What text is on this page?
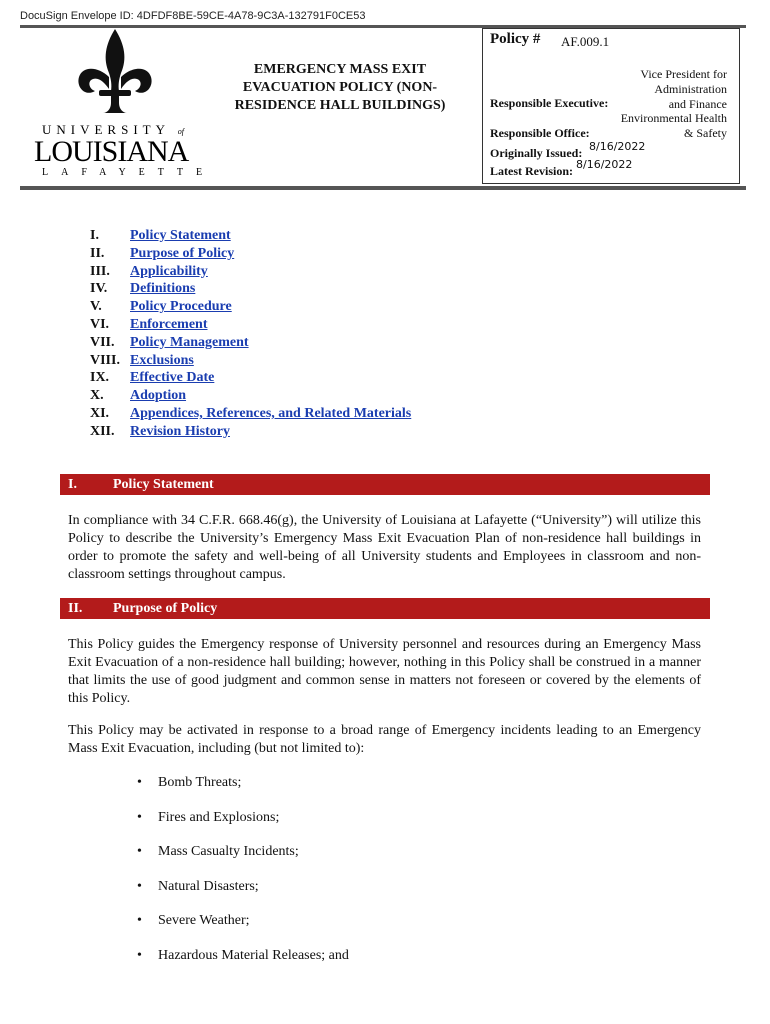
DocuSign Envelope ID: 4DFDF8BE-59CE-4A78-9C3A-132791F0CE53
UNIVERSITY of
LOUISIANA
LAFAYETTE
EMERGENCY MASS EXIT EVACUATION POLICY (NON-RESIDENCE HALL BUILDINGS)
Policy # AF.009.1
Vice President for
Administration
and Finance
Responsible Executive:
Environmental Health
& Safety
Responsible Office:
Originally Issued: 8/16/2022
Latest Revision: 8/16/2022
I. Policy Statement
II. Purpose of Policy
III. Applicability
IV. Definitions
V. Policy Procedure
VI. Enforcement
VII. Policy Management
VIII. Exclusions
IX. Effective Date
X. Adoption
XI. Appendices, References, and Related Materials
XII. Revision History
I.	Policy Statement
In compliance with 34 C.F.R. 668.46(g), the University of Louisiana at Lafayette (“University”) will utilize this Policy to describe the University’s Emergency Mass Exit Evacuation Plan of non-residence hall buildings in order to promote the safety and well-being of all University students and Employees in classroom and non-classroom settings throughout campus.
II. Purpose of Policy
This Policy guides the Emergency response of University personnel and resources during an Emergency Mass Exit Evacuation of a non-residence hall building; however, nothing in this Policy shall be construed in a manner that limits the use of good judgment and common sense in matters not foreseen or covered by the elements of this Policy.
This Policy may be activated in response to a broad range of Emergency incidents leading to an Emergency Mass Exit Evacuation, including (but not limited to):
• Bomb Threats;
• Fires and Explosions;
• Mass Casualty Incidents;
• Natural Disasters;
• Severe Weather;
• Hazardous Material Releases; and
